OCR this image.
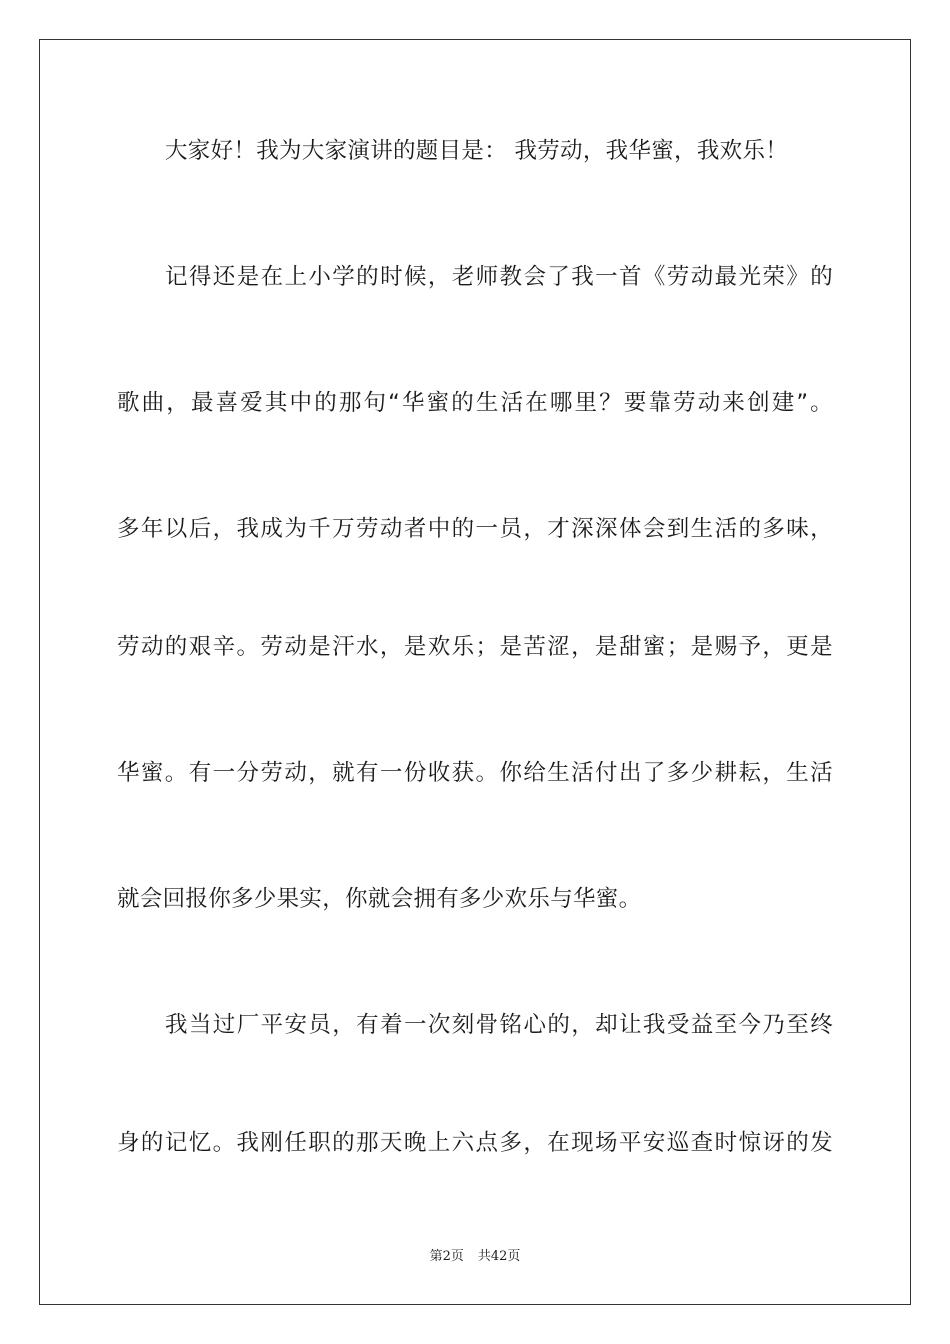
大家好！我为大家演讲的题目是： 我劳动，我华蜜，我欢乐！
记得还是在上小学的时候，老师教会了我一首《劳动最光荣》的
歌曲，最喜爱其中的那句“华蜜的生活在哪里？要靠劳动来创建”。
多年以后，我成为千万劳动者中的一员，才深深体会到生活的多味，
劳动的艰辛。劳动是汗水，是欢乐；是苦涩，是甜蜜；是赐予，更是
华蜜。有一分劳动，就有一份收获。你给生活付出了多少耕耘，生活
就会回报你多少果实，你就会拥有多少欢乐与华蜜。
我当过厂平安员，有着一次刻骨铭心的，却让我受益至今乃至终
身的记忆。我刚任职的那天晚上六点多，在现场平安巡查时惊讶的发
第2页 共42页
